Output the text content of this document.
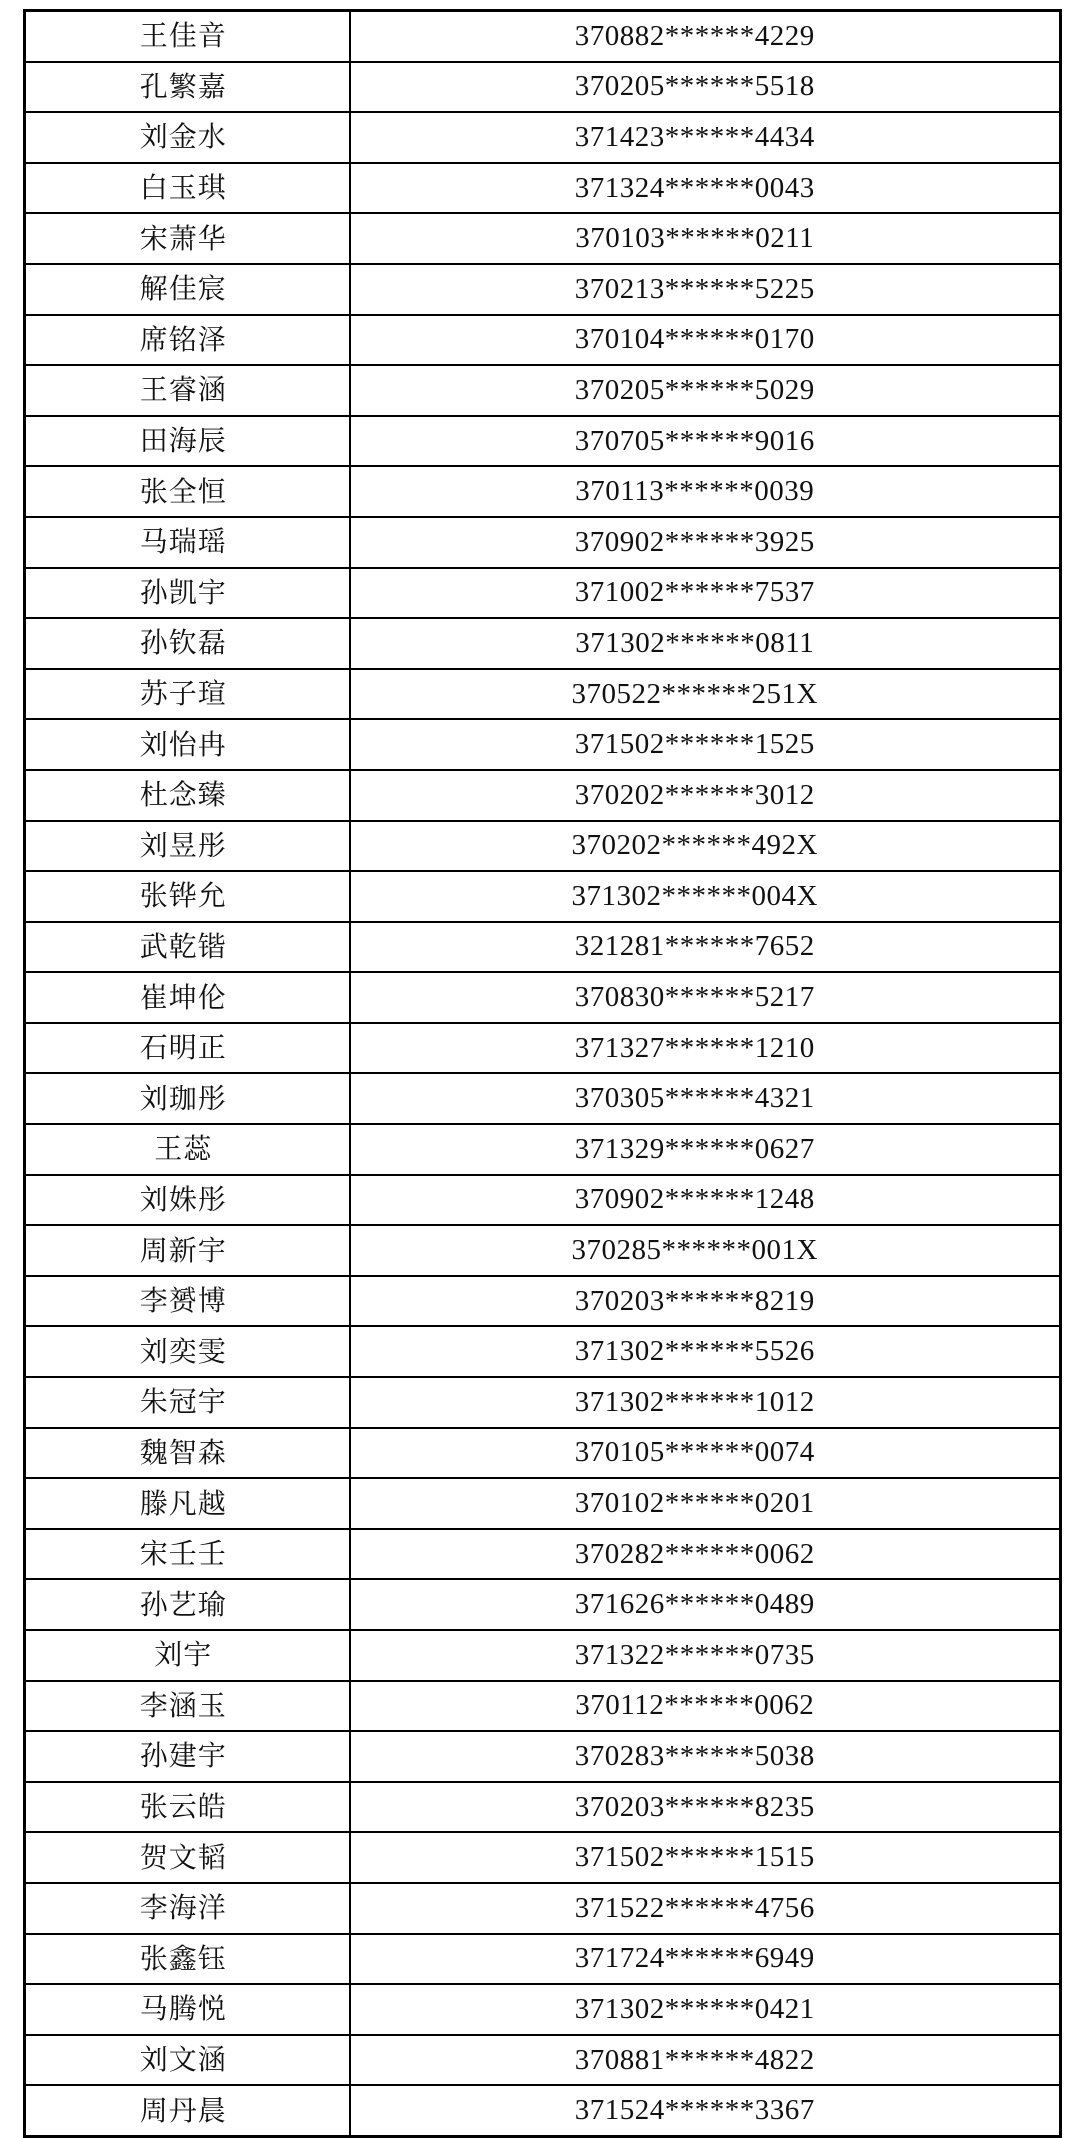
王佳音	370882******4229
孔繁嘉	370205******5518
刘金水	371423******4434
白玉琪	371324******0043
宋萧华	370103******0211
解佳宸	370213******5225
席铭泽	370104******0170
王睿涵	370205******5029
田海辰	370705******9016
张全恒	370113******0039
马瑞瑶	370902******3925
孙凯宇	371002******7537
孙钦磊	371302******0811
苏子瑄	370522******251X
刘怡冉	371502******1525
杜念臻	370202******3012
刘昱彤	370202******492X
张铧允	371302******004X
武乾锴	321281******7652
崔坤伦	370830******5217
石明正	371327******1210
刘珈彤	370305******4321
王蕊	371329******0627
刘姝彤	370902******1248
周新宇	370285******001X
李赟博	370203******8219
刘奕雯	371302******5526
朱冠宇	371302******1012
魏智森	370105******0074
滕凡越	370102******0201
宋壬壬	370282******0062
孙艺瑜	371626******0489
刘宇	371322******0735
李涵玉	370112******0062
孙建宇	370283******5038
张云皓	370203******8235
贺文韬	371502******1515
李海洋	371522******4756
张鑫钰	371724******6949
马腾悦	371302******0421
刘文涵	370881******4822
周丹晨	371524******3367
